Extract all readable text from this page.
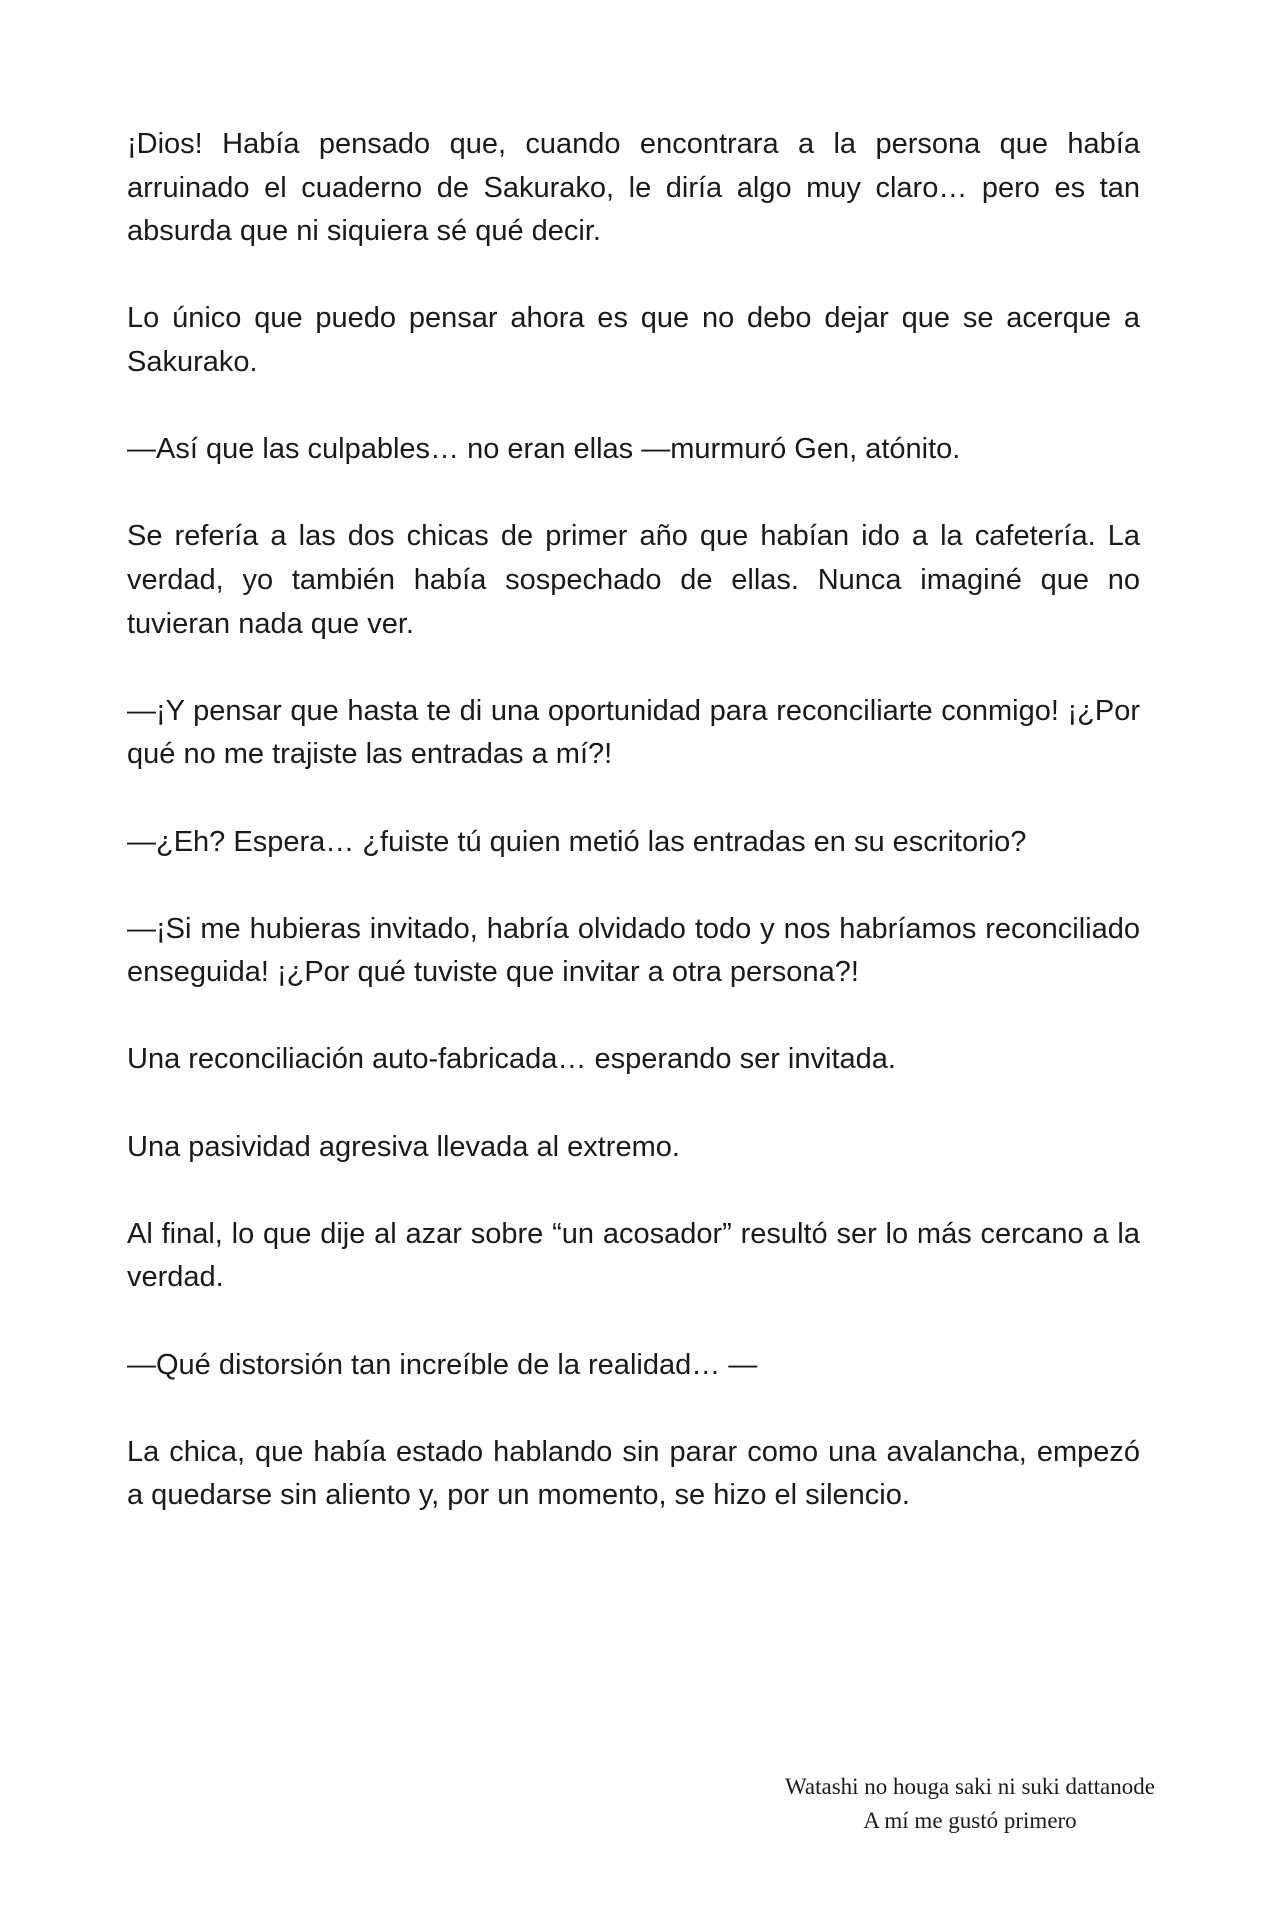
¡Dios! Había pensado que, cuando encontrara a la persona que había arruinado el cuaderno de Sakurako, le diría algo muy claro… pero es tan absurda que ni siquiera sé qué decir.

Lo único que puedo pensar ahora es que no debo dejar que se acerque a Sakurako.

—Así que las culpables… no eran ellas —murmuró Gen, atónito.

Se refería a las dos chicas de primer año que habían ido a la cafetería. La verdad, yo también había sospechado de ellas. Nunca imaginé que no tuvieran nada que ver.

—¡Y pensar que hasta te di una oportunidad para reconciliarte conmigo! ¡¿Por qué no me trajiste las entradas a mí?!

—¿Eh? Espera… ¿fuiste tú quien metió las entradas en su escritorio?

—¡Si me hubieras invitado, habría olvidado todo y nos habríamos reconciliado enseguida! ¡¿Por qué tuviste que invitar a otra persona?!

Una reconciliación auto-fabricada… esperando ser invitada.

Una pasividad agresiva llevada al extremo.

Al final, lo que dije al azar sobre “un acosador” resultó ser lo más cercano a la verdad.

—Qué distorsión tan increíble de la realidad… —

La chica, que había estado hablando sin parar como una avalancha, empezó a quedarse sin aliento y, por un momento, se hizo el silencio.

Watashi no houga saki ni suki dattanode
A mí me gustó primero
